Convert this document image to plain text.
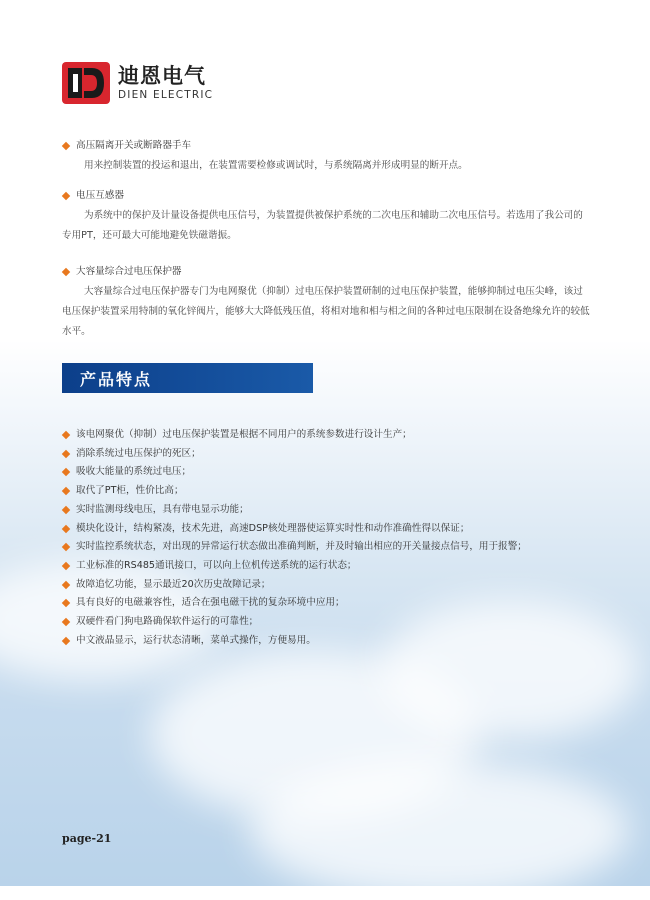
迪恩电气
DIEN ELECTRIC
高压隔离开关或断路器手车
用来控制装置的投运和退出，在装置需要检修或调试时，与系统隔离并形成明显的断开点。
电压互感器
为系统中的保护及计量设备提供电压信号，为装置提供被保护系统的二次电压和辅助二次电压信号。若选用了我公司的专用PT，还可最大可能地避免铁磁谐振。
大容量综合过电压保护器
大容量综合过电压保护器专门为电网聚优（抑制）过电压保护装置研制的过电压保护装置，能够抑制过电压尖峰，该过电压保护装置采用特制的氧化锌阀片，能够大大降低残压值，将相对地和相与相之间的各种过电压限制在设备绝缘允许的较低水平。
产品特点
该电网聚优（抑制）过电压保护装置是根据不同用户的系统参数进行设计生产；
消除系统过电压保护的死区；
吸收大能量的系统过电压；
取代了PT柜，性价比高；
实时监测母线电压，具有带电显示功能；
模块化设计，结构紧凑，技术先进，高速DSP核处理器使运算实时性和动作准确性得以保证；
实时监控系统状态，对出现的异常运行状态做出准确判断，并及时输出相应的开关量接点信号，用于报警；
工业标准的RS485通讯接口，可以向上位机传送系统的运行状态；
故障追忆功能，显示最近20次历史故障记录；
具有良好的电磁兼容性，适合在强电磁干扰的复杂环境中应用；
双硬件看门狗电路确保软件运行的可靠性；
中文液晶显示，运行状态清晰，菜单式操作，方便易用。
page-21
